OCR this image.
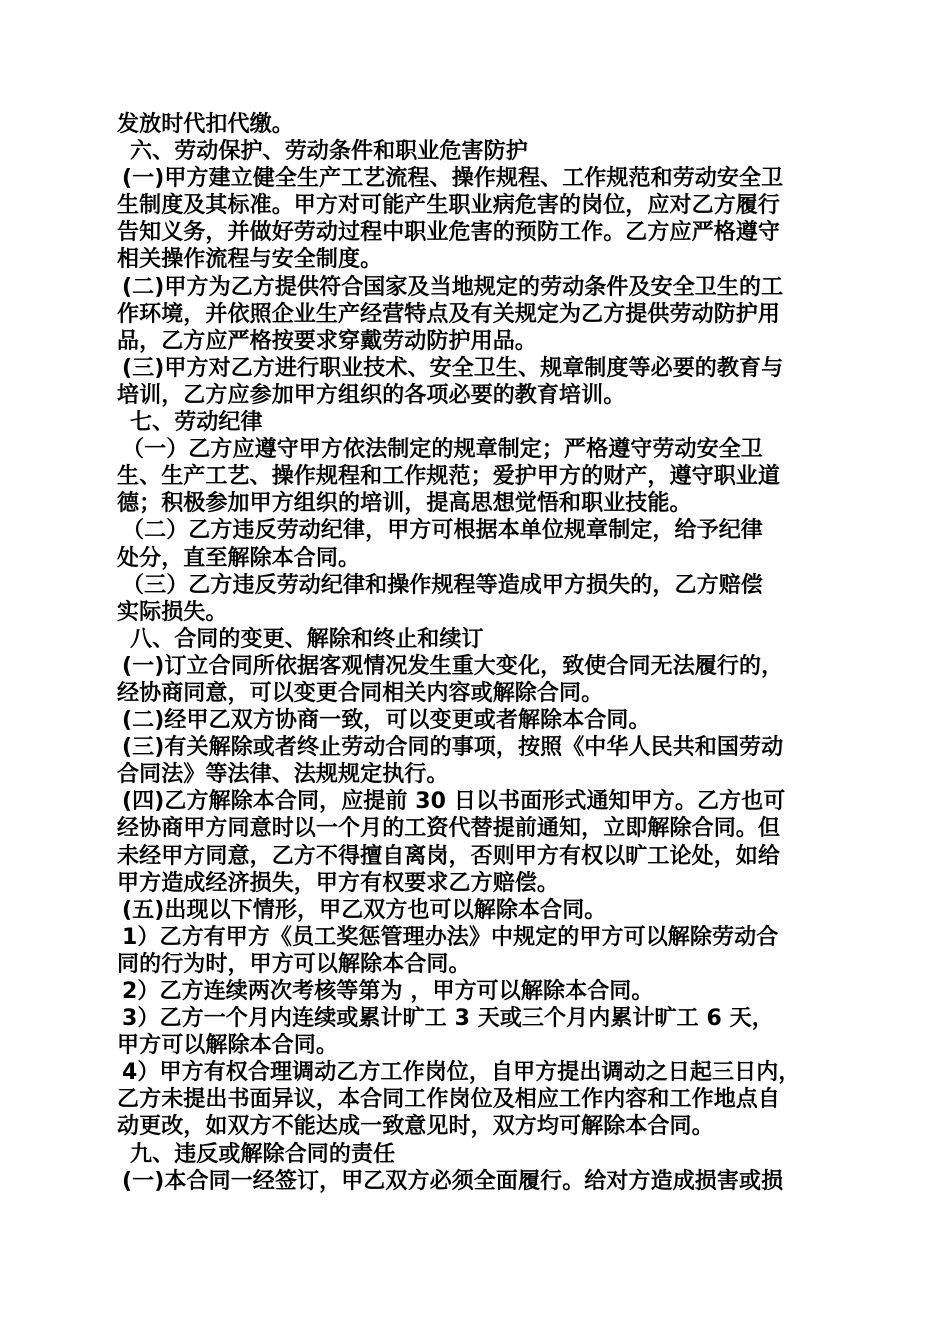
发放时代扣代缴。
六、劳动保护、劳动条件和职业危害防护
(一)甲方建立健全生产工艺流程、操作规程、工作规范和劳动安全卫
生制度及其标准。甲方对可能产生职业病危害的岗位，应对乙方履行
告知义务，并做好劳动过程中职业危害的预防工作。乙方应严格遵守
相关操作流程与安全制度。
(二)甲方为乙方提供符合国家及当地规定的劳动条件及安全卫生的工
作环境，并依照企业生产经营特点及有关规定为乙方提供劳动防护用
品，乙方应严格按要求穿戴劳动防护用品。
(三)甲方对乙方进行职业技术、安全卫生、规章制度等必要的教育与
培训，乙方应参加甲方组织的各项必要的教育培训。
七、劳动纪律
（一）乙方应遵守甲方依法制定的规章制定；严格遵守劳动安全卫
生、生产工艺、操作规程和工作规范；爱护甲方的财产，遵守职业道
德；积极参加甲方组织的培训，提高思想觉悟和职业技能。
（二）乙方违反劳动纪律，甲方可根据本单位规章制定，给予纪律
处分，直至解除本合同。
（三）乙方违反劳动纪律和操作规程等造成甲方损失的，乙方赔偿
实际损失。
八、合同的变更、解除和终止和续订
(一)订立合同所依据客观情况发生重大变化，致使合同无法履行的，
经协商同意，可以变更合同相关内容或解除合同。
(二)经甲乙双方协商一致，可以变更或者解除本合同。
(三)有关解除或者终止劳动合同的事项，按照《中华人民共和国劳动
合同法》等法律、法规规定执行。
(四)乙方解除本合同，应提前 30 日以书面形式通知甲方。乙方也可
经协商甲方同意时以一个月的工资代替提前通知，立即解除合同。但
未经甲方同意，乙方不得擅自离岗，否则甲方有权以旷工论处，如给
甲方造成经济损失，甲方有权要求乙方赔偿。
(五)出现以下情形，甲乙双方也可以解除本合同。
1）乙方有甲方《员工奖惩管理办法》中规定的甲方可以解除劳动合
同的行为时，甲方可以解除本合同。
2）乙方连续两次考核等第为 ，甲方可以解除本合同。
3）乙方一个月内连续或累计旷工 3 天或三个月内累计旷工 6 天，
甲方可以解除本合同。
4）甲方有权合理调动乙方工作岗位，自甲方提出调动之日起三日内，
乙方未提出书面异议，本合同工作岗位及相应工作内容和工作地点自
动更改，如双方不能达成一致意见时，双方均可解除本合同。
九、违反或解除合同的责任
(一)本合同一经签订，甲乙双方必须全面履行。给对方造成损害或损
